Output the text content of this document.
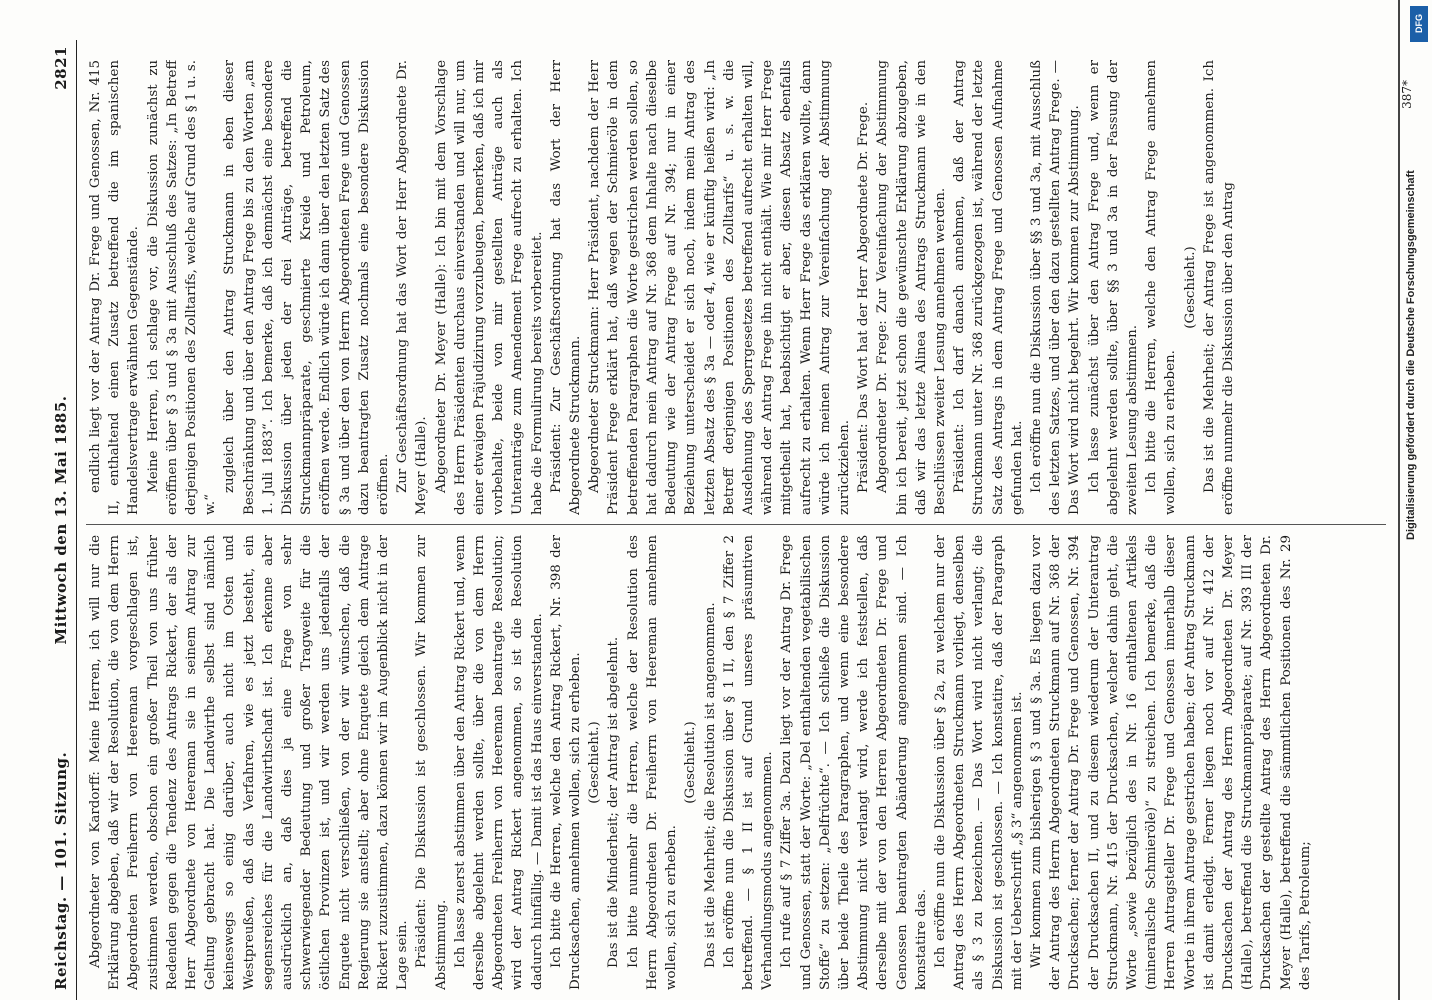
Reichstag. — 101. Sitzung.
Mittwoch den 13. Mai 1885.
2821

Abgeordneter von Kardorff: Meine Herren, ich will nur die Erklärung abgeben, daß wir der Resolution, die von dem Herrn Abgeordneten Freiherrn von Heereman vorgeschlagen ist, zustimmen werden, obschon ein großer Theil von uns früher Redenden gegen die Tendenz des Antrags Rickert, der als der Herr Abgeordnete von Heereman sie in seinem Antrag zur Geltung gebracht hat. Die Landwirthe selbst sind nämlich keineswegs so einig darüber, auch nicht im Osten und Westpreußen, daß das Verfahren, wie es jetzt besteht, ein segensreiches für die Landwirthschaft ist. Ich erkenne aber ausdrücklich an, daß dies ja eine Frage von sehr schwerwiegender Bedeutung und großer Tragweite für die östlichen Provinzen ist, und wir werden uns jedenfalls der Enquete nicht verschließen, von der wir wünschen, daß die Regierung sie anstellt; aber ohne Enquete gleich dem Antrage Rickert zuzustimmen, dazu können wir im Augenblick nicht in der Lage sein. Präsident: Die Diskussion ist geschlossen. Wir kommen zur Abstimmung. Ich lasse zuerst abstimmen über den Antrag Rickert und, wenn derselbe abgelehnt werden sollte, über die von dem Herrn Abgeordneten Freiherrn von Heereman beantragte Resolution; wird der Antrag Rickert angenommen, so ist die Resolution dadurch hinfällig. — Damit ist das Haus einverstanden. Ich bitte die Herren, welche den Antrag Rickert, Nr. 398 der Drucksachen, annehmen wollen, sich zu erheben. (Geschieht.) Das ist die Minderheit; der Antrag ist abgelehnt. Ich bitte nunmehr die Herren, welche der Resolution des Herrn Abgeordneten Dr. Freiherrn von Heereman annehmen wollen, sich zu erheben.

(Geschieht.) Das ist die Mehrheit; die Resolution ist angenommen. Ich eröffne nun die Diskussion über § 1 II, den § 7 Ziffer 2 betreffend. — § 1 II ist auf Grund unseres präsumtiven Verhandlungsmodus angenommen. Ich rufe auf § 7 Ziffer 3a. Dazu liegt vor der Antrag Dr. Frege und Genossen, statt der Worte: „Del enthaltenden vegetabilischen Stoffe“ zu setzen: „Delfrüchte“. — Ich schließe die Diskussion über beide Theile des Paragraphen, und wenn eine besondere Abstimmung nicht verlangt wird, werde ich feststellen, daß derselbe mit der von den Herren Abgeordneten Dr. Frege und Genossen beantragten Abänderung angenommen sind. — Ich konstatire das. Ich eröffne nun die Diskussion über § 2a, zu welchem nur der Antrag des Herrn Abgeordneten Struckmann vorliegt, denselben als § 3 zu bezeichnen. — Das Wort wird nicht verlangt; die Diskussion ist geschlossen. — Ich konstatire, daß der Paragraph mit der Ueberschrift „§ 3“ angenommen ist. Wir kommen zum bisherigen § 3 und § 3a. Es liegen dazu vor der Antrag des Herrn Abgeordneten Struckmann auf Nr. 368 der Drucksachen; ferner der Antrag Dr. Frege und Genossen, Nr. 394 der Drucksachen II, und zu diesem wiederum der Unterantrag Struckmann, Nr. 415 der Drucksachen, welcher dahin geht, die Worte „sowie bezüglich des in Nr. 16 enthaltenen Artikels (mineralische Schmieröle)“ zu streichen. Ich bemerke, daß die Herren Antragsteller Dr. Frege und Genossen innerhalb dieser Worte in ihrem Antrage gestrichen haben; der Antrag Struckmann ist damit erledigt. Ferner liegen noch vor auf Nr. 412 der Drucksachen der Antrag des Herrn Abgeordneten Dr. Meyer (Halle), betreffend die Struckmannpräparate; auf Nr. 393 III der Drucksachen der gestellte Antrag des Herrn Abgeordneten Dr. Meyer (Halle), betreffend die sämmtlichen Positionen des Nr. 29 des Tarifs, Petroleum;

endlich liegt vor der Antrag Dr. Frege und Genossen, Nr. 415 II, enthaltend einen Zusatz betreffend die im spanischen Handelsvertrage erwähnten Gegenstände. Meine Herren, ich schlage vor, die Diskussion zunächst zu eröffnen über § 3 und § 3a mit Ausschluß des Satzes: „In Betreff derjenigen Positionen des Zolltarifs, welche auf Grund des § 1 u. s. w.“

zugleich über den Antrag Struckmann in eben dieser Beschränkung und über den Antrag Frege bis zu den Worten „am 1. Juli 1883“. Ich bemerke, daß ich demnächst eine besondere Diskussion über jeden der drei Anträge, betreffend die Struckmannpräparate, geschmierte Kreide und Petroleum, eröffnen werde. Endlich würde ich dann über den letzten Satz des § 3a und über den von Herrn Abgeordneten Frege und Genossen dazu beantragten Zusatz nochmals eine besondere Diskussion eröffnen. Zur Geschäftsordnung hat das Wort der Herr Abgeordnete Dr. Meyer (Halle). Abgeordneter Dr. Meyer (Halle): Ich bin mit dem Vorschlage des Herrn Präsidenten durchaus einverstanden und will nur, um einer etwaigen Präjudizirung vorzubeugen, bemerken, daß ich mir vorbehalte, beide von mir gestellten Anträge auch als Unteranträge zum Amendement Frege aufrecht zu erhalten. Ich habe die Formulirung bereits vorbereitet. Präsident: Zur Geschäftsordnung hat das Wort der Herr Abgeordnete Struckmann. Abgeordneter Struckmann: Herr Präsident, nachdem der Herr Präsident Frege erklärt hat, daß wegen der Schmieröle in dem betreffenden Paragraphen die Worte gestrichen werden sollen, so hat dadurch mein Antrag auf Nr. 368 dem Inhalte nach dieselbe Bedeutung wie der Antrag Frege auf Nr. 394; nur in einer Beziehung unterscheidet er sich noch, indem mein Antrag des letzten Absatz des § 3a — oder 4, wie er künftig heißen wird: „In Betreff derjenigen Positionen des Zolltarifs“ u. s. w. die Ausdehnung des Sperrgesetzes betreffend aufrecht erhalten will, während der Antrag Frege ihn nicht enthält. Wie mir Herr Frege mitgetheilt hat, beabsichtigt er aber, diesen Absatz ebenfalls aufrecht zu erhalten. Wenn Herr Frege das erklären wollte, dann würde ich meinen Antrag zur Vereinfachung der Abstimmung zurückziehen. Präsident: Das Wort hat der Herr Abgeordnete Dr. Frege. Abgeordneter Dr. Frege: Zur Vereinfachung der Abstimmung bin ich bereit, jetzt schon die gewünschte Erklärung abzugeben, daß wir das letzte Alinea des Antrags Struckmann wie in den Beschlüssen zweiter Lesung annehmen werden. Präsident: Ich darf danach annehmen, daß der Antrag Struckmann unter Nr. 368 zurückgezogen ist, während der letzte Satz des Antrags in dem Antrag Frege und Genossen Aufnahme gefunden hat. Ich eröffne nun die Diskussion über §§ 3 und 3a, mit Ausschluß des letzten Satzes, und über den dazu gestellten Antrag Frege. — Das Wort wird nicht begehrt. Wir kommen zur Abstimmung. Ich lasse zunächst über den Antrag Frege und, wenn er abgelehnt werden sollte, über §§ 3 und 3a in der Fassung der zweiten Lesung abstimmen. Ich bitte die Herren, welche den Antrag Frege annehmen wollen, sich zu erheben.

(Geschieht.) Das ist die Mehrheit; der Antrag Frege ist angenommen. Ich eröffne nunmehr die Diskussion über den Antrag

387*
DFG
Digitalisierung gefördert durch die Deutsche Forschungsgemeinschaft
